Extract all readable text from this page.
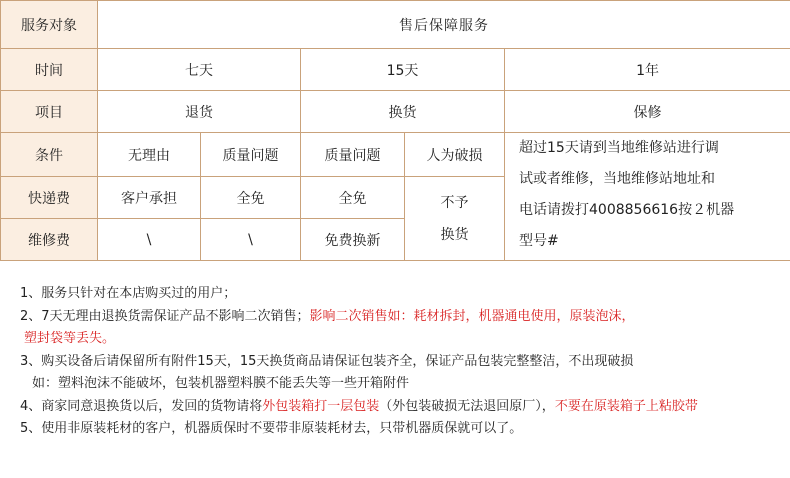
服务对象	售后保障服务				
时间	七天		15天		1年
项目	退货		换货		保修
条件	无理由	质量问题	质量问题	人为破损	超过15天请到当地维修站进行调
试或者维修，当地维修站地址和
电话请拨打4008856616按２机器
型号#

快递费	客户承担	全免	全免	不予
换货	

维修费	\	\	免费换新		
1、服务只针对在本店购买过的用户；
2、7天无理由退换货需保证产品不影响二次销售；影响二次销售如：耗材拆封，机器通电使用，原装泡沫，
塑封袋等丢失。
3、购买设备后请保留所有附件15天，15天换货商品请保证包装齐全，保证产品包装完整整洁，不出现破损
如：塑料泡沫不能破坏，包装机器塑料膜不能丢失等一些开箱附件
4、商家同意退换货以后，发回的货物请将外包装箱打一层包装（外包装破损无法退回原厂），不要在原装箱子上粘胶带
5、使用非原装耗材的客户，机器质保时不要带非原装耗材去，只带机器质保就可以了。
